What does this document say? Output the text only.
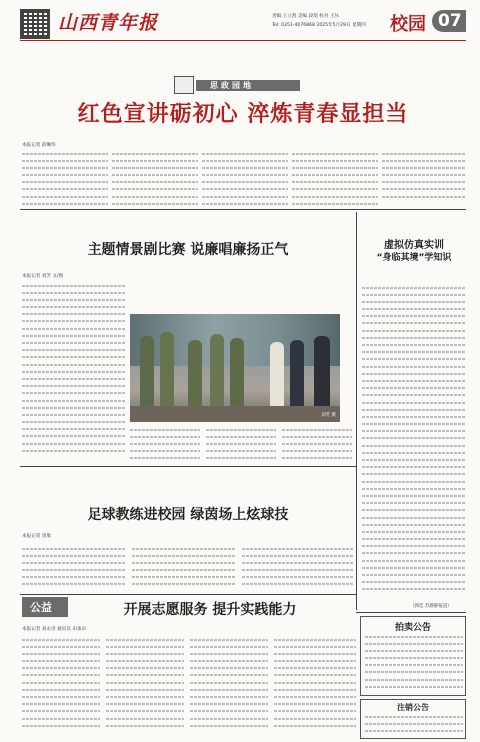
山西青年报	责编 王立凯 美编 段瑞 校对 王丛
Tel: 0351-4076868 2025年5月29日 星期四 校园 07
思政园地
红色宣讲砺初心 淬炼青春显担当
本报记者 薛琳玮
主题情景剧比赛 说廉唱廉扬正气
本报记者 刘芳 文/图
刘芳 摄
虚拟仿真实训
“身临其境”学知识
（郭佳 苏静静报道）
足球教练进校园 绿茵场上炫球技
本报记者 唐康
公益	开展志愿服务 提升实践能力
本报记者 刘永进 通讯员 田承卓	拍卖公告
注销公告
